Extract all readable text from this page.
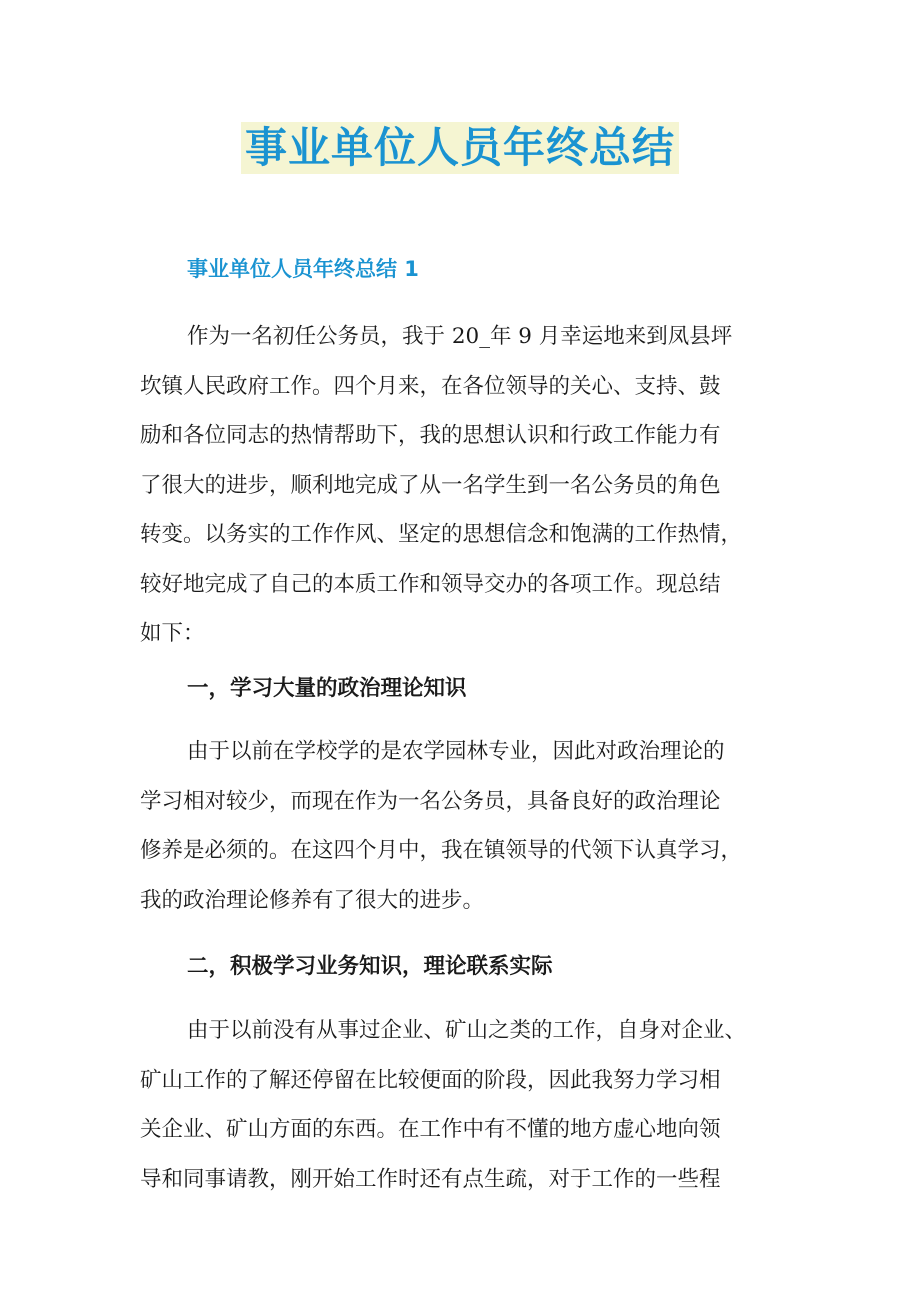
事业单位人员年终总结
事业单位人员年终总结 1
作为一名初任公务员，我于 20_年 9 月幸运地来到凤县坪
坎镇人民政府工作。四个月来，在各位领导的关心、支持、鼓
励和各位同志的热情帮助下，我的思想认识和行政工作能力有
了很大的进步，顺利地完成了从一名学生到一名公务员的角色
转变。以务实的工作作风、坚定的思想信念和饱满的工作热情，
较好地完成了自己的本质工作和领导交办的各项工作。现总结
如下：
一，学习大量的政治理论知识
由于以前在学校学的是农学园林专业，因此对政治理论的
学习相对较少，而现在作为一名公务员，具备良好的政治理论
修养是必须的。在这四个月中，我在镇领导的代领下认真学习，
我的政治理论修养有了很大的进步。
二，积极学习业务知识，理论联系实际
由于以前没有从事过企业、矿山之类的工作，自身对企业、
矿山工作的了解还停留在比较便面的阶段，因此我努力学习相
关企业、矿山方面的东西。在工作中有不懂的地方虚心地向领
导和同事请教，刚开始工作时还有点生疏，对于工作的一些程
